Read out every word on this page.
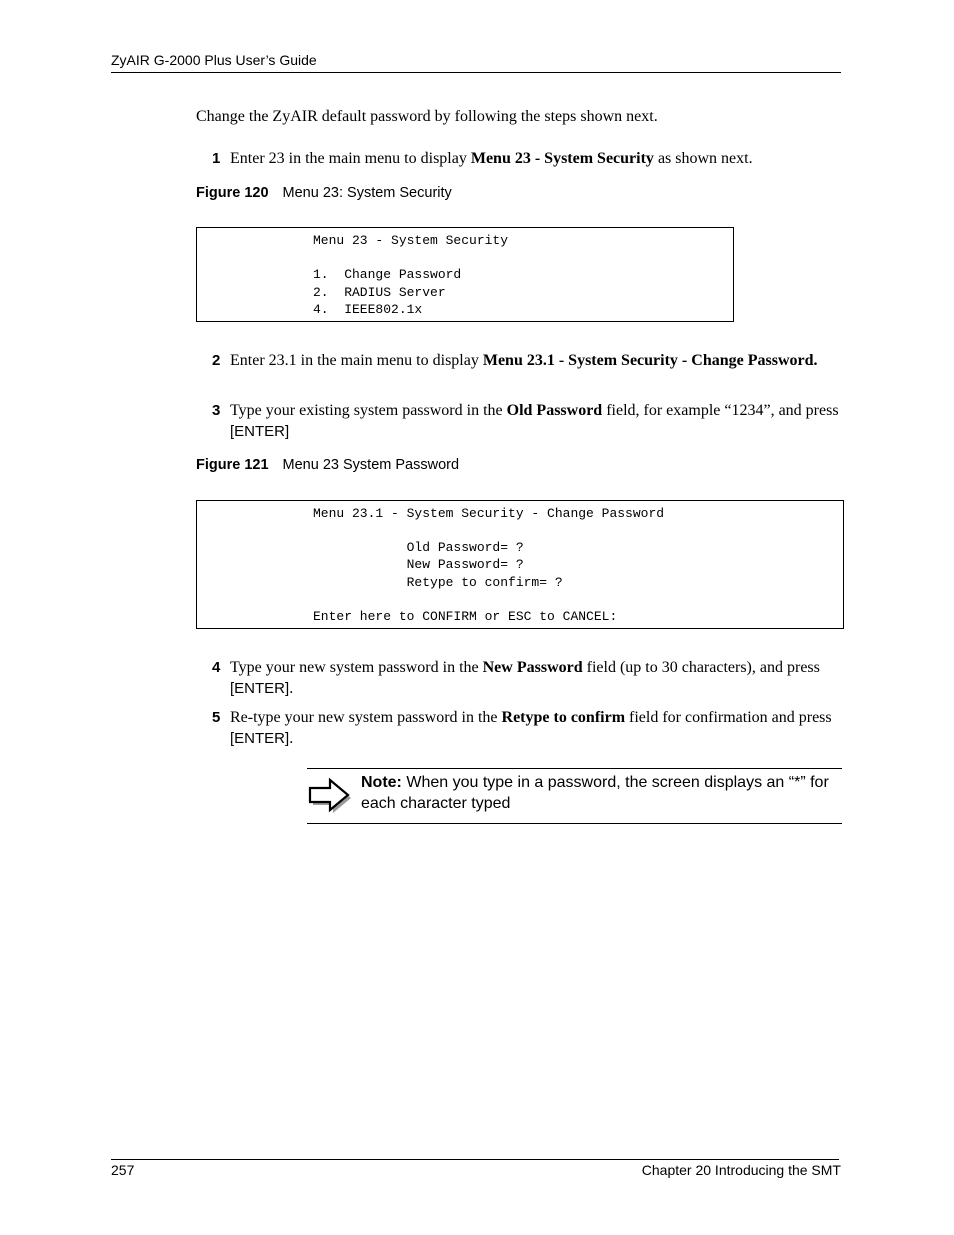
ZyAIR G-2000 Plus User’s Guide
Change the ZyAIR default password by following the steps shown next.
1 Enter 23 in the main menu to display Menu 23 - System Security as shown next.
Figure 120 Menu 23: System Security
Menu 23 - System Security
1.  Change Password
2.  RADIUS Server
4.  IEEE802.1x
2 Enter 23.1 in the main menu to display Menu 23.1 - System Security - Change Password.
3 Type your existing system password in the Old Password field, for example “1234”, and press [ENTER]
Figure 121 Menu 23 System Password
Menu 23.1 - System Security - Change Password
Old Password= ?
New Password= ?
Retype to confirm= ?
Enter here to CONFIRM or ESC to CANCEL:
4 Type your new system password in the New Password field (up to 30 characters), and press [ENTER].
5 Re-type your new system password in the Retype to confirm field for confirmation and press [ENTER].
Note: When you type in a password, the screen displays an “*” for each character typed
257	Chapter 20 Introducing the SMT
